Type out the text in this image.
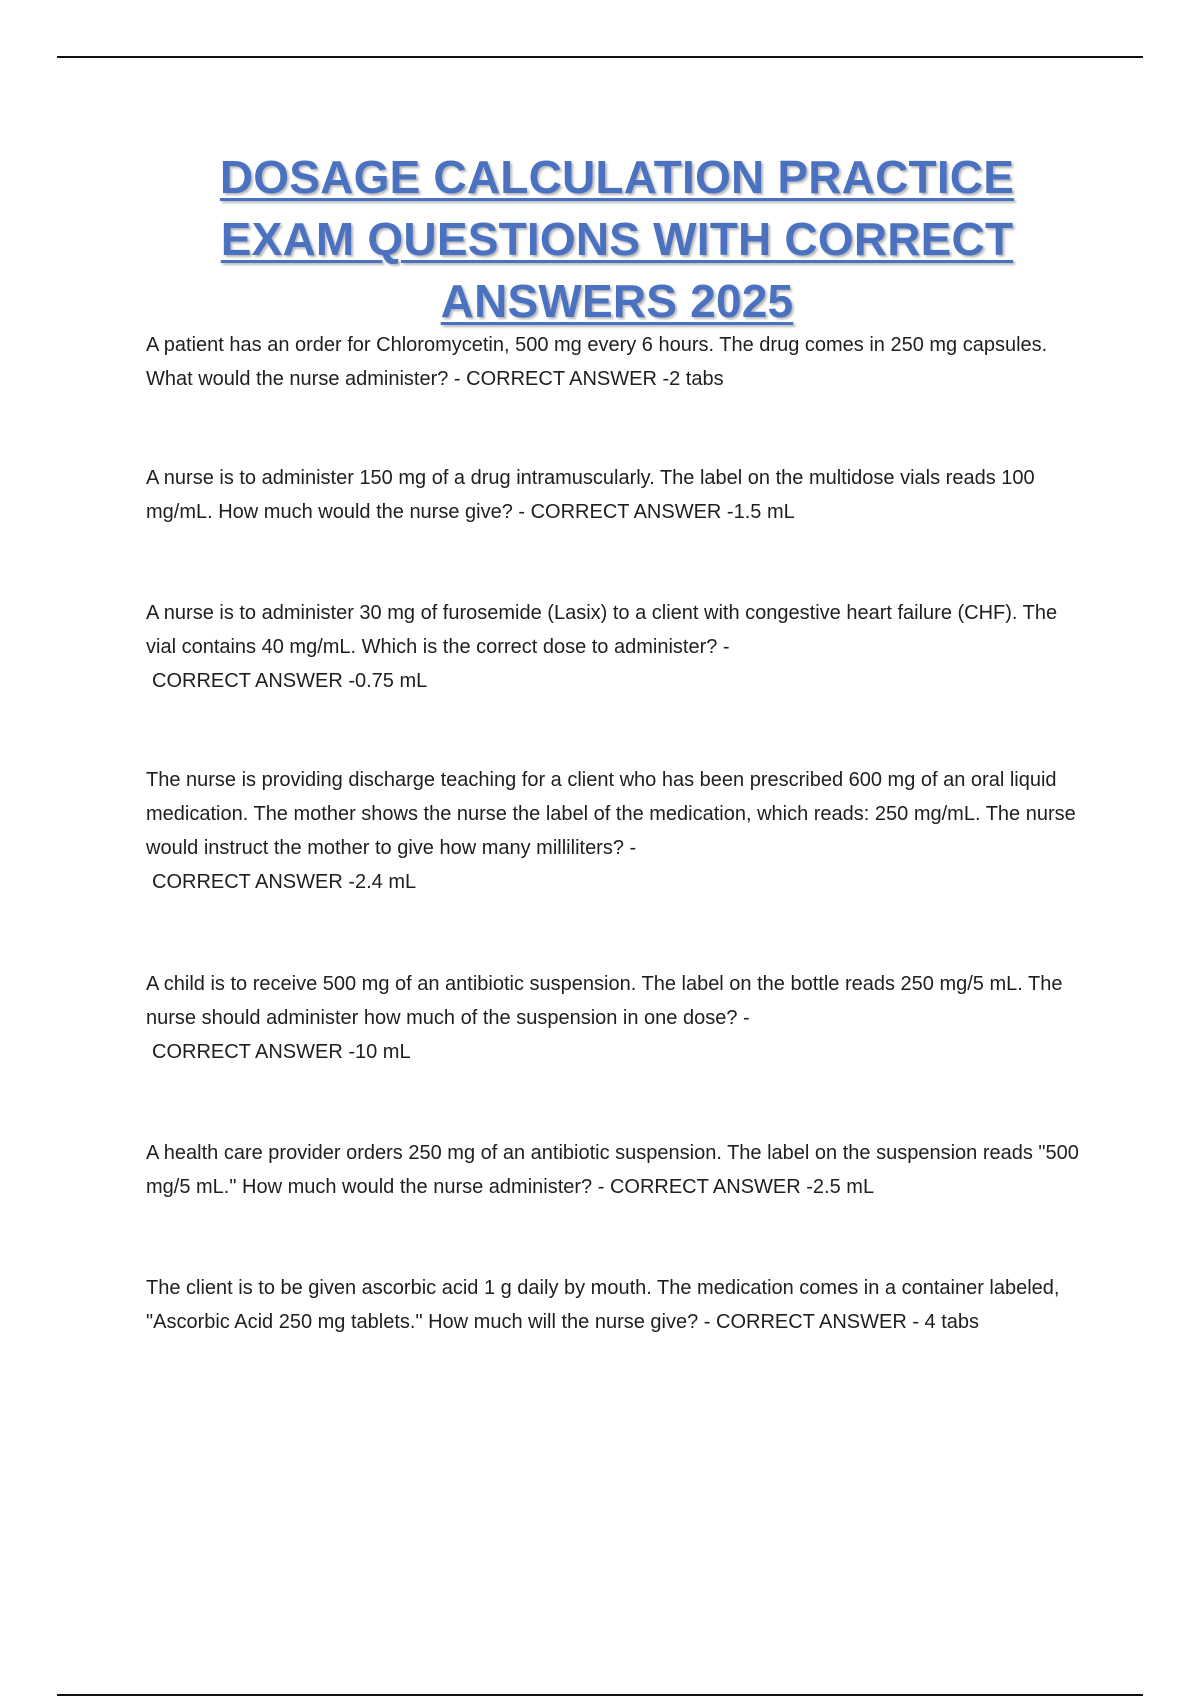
DOSAGE CALCULATION PRACTICE
EXAM QUESTIONS WITH CORRECT
ANSWERS 2025
A patient has an order for Chloromycetin, 500 mg every 6 hours. The drug comes in 250 mg capsules. What would the nurse administer? - CORRECT ANSWER -2 tabs
A nurse is to administer 150 mg of a drug intramuscularly. The label on the multidose vials reads 100 mg/mL. How much would the nurse give? - CORRECT ANSWER -1.5 mL
A nurse is to administer 30 mg of furosemide (Lasix) to a client with congestive heart failure (CHF). The vial contains 40 mg/mL. Which is the correct dose to administer? -
CORRECT ANSWER -0.75 mL
The nurse is providing discharge teaching for a client who has been prescribed 600 mg of an oral liquid medication. The mother shows the nurse the label of the medication, which reads: 250 mg/mL. The nurse would instruct the mother to give how many milliliters? -
CORRECT ANSWER -2.4 mL
A child is to receive 500 mg of an antibiotic suspension. The label on the bottle reads 250 mg/5 mL. The nurse should administer how much of the suspension in one dose? -
CORRECT ANSWER -10 mL
A health care provider orders 250 mg of an antibiotic suspension. The label on the suspension reads "500 mg/5 mL." How much would the nurse administer? - CORRECT ANSWER -2.5 mL
The client is to be given ascorbic acid 1 g daily by mouth. The medication comes in a container labeled, "Ascorbic Acid 250 mg tablets." How much will the nurse give? - CORRECT ANSWER - 4 tabs
